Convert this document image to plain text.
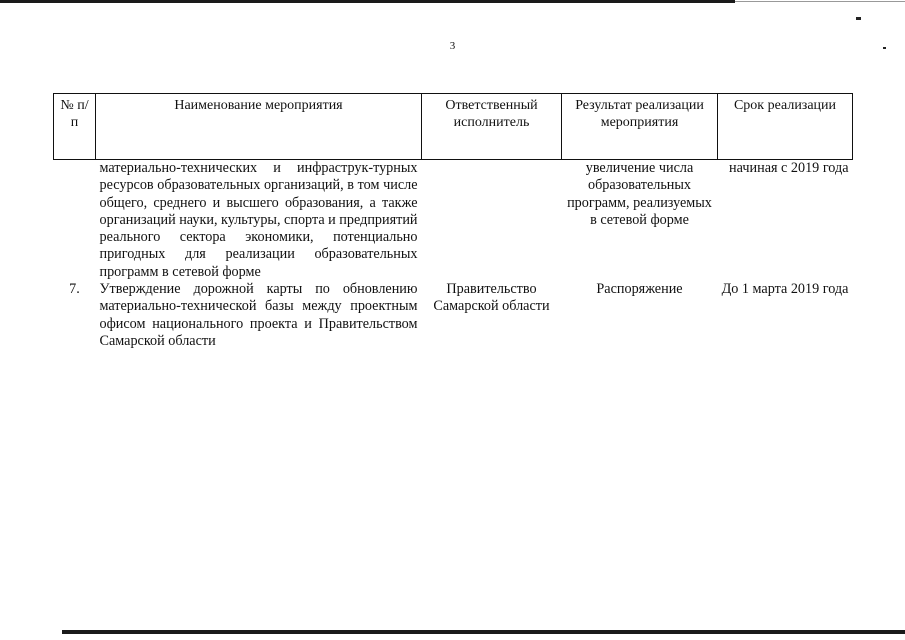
3
№ п/п	Наименование мероприятия	Ответственный исполнитель	Результат реализации мероприятия	Срок реализации
	материально-технических и инфраструк-турных ресурсов образовательных организаций, в том числе общего, среднего и высшего образования, а также организаций науки, культуры, спорта и предприятий реального сектора экономики, потенциально пригодных для реализации образовательных программ в сетевой форме		увеличение числа образовательных программ, реализуемых в сетевой форме	начиная с 2019 года
7.	Утверждение дорожной карты по обновлению материально-технической базы между проектным офисом национального проекта и Правительством Самарской области	Правительство Самарской области	Распоряжение	До 1 марта 2019 года
